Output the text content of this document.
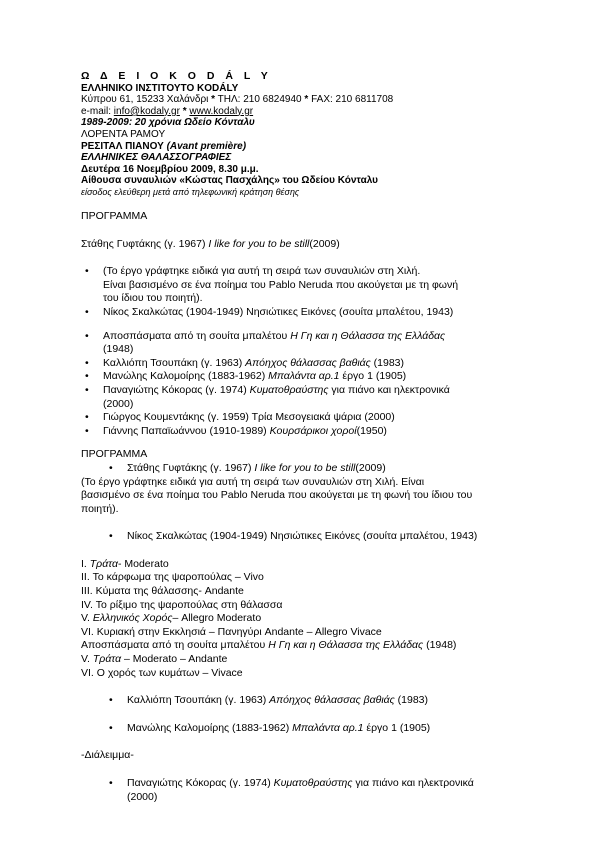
Ω Δ Ε Ι Ο K O D Á L Y
ΕΛΛΗΝΙΚΟ ΙΝΣΤΙΤΟΥΤΟ KODÁLY
Κύπρου 61, 15233 Χαλάνδρι * ΤΗΛ: 210 6824940 * FAX: 210 6811708
e-mail: info@kodaly.gr * www.kodaly.gr
1989-2009: 20 χρόνια Ωδείο Κόνταλυ
ΛΟΡΕΝΤΑ ΡΑΜΟΥ
ΡΕΣΙΤΑΛ ΠΙΑΝΟΥ (Avant première)
ΕΛΛΗΝΙΚΕΣ ΘΑΛΑΣΣΟΓΡΑΦΙΕΣ
Δευτέρα 16 Νοεμβρίου 2009, 8.30 μ.μ.
Αίθουσα συναυλιών «Κώστας Πασχάλης» του Ωδείου Κόνταλυ
είσοδος ελεύθερη μετά από τηλεφωνική κράτηση θέσης

ΠΡΟΓΡΑΜΜΑ

Στάθης Γυφτάκης (γ. 1967) I like for you to be still(2009)

• (Το έργο γράφτηκε ειδικά για αυτή τη σειρά των συναυλιών στη Χιλή.
Είναι βασισμένο σε ένα ποίημα του Pablo Neruda που ακούγεται με τη φωνή
του ίδιου του ποιητή).
• Νίκος Σκαλκώτας (1904-1949) Νησιώτικες Εικόνες (σουίτα μπαλέτου, 1943)
• Αποσπάσματα από τη σουίτα μπαλέτου Η Γη και η Θάλασσα της Ελλάδας
(1948)
• Καλλιόπη Τσουπάκη (γ. 1963) Απόηχος θάλασσας βαθιάς (1983)
• Μανώλης Καλομοίρης (1883-1962) Μπαλάντα αρ.1 έργο 1 (1905)
• Παναγιώτης Κόκορας (γ. 1974) Κυματοθραύστης για πιάνο και ηλεκτρονικά
(2000)
• Γιώργος Κουμεντάκης (γ. 1959) Τρία Μεσογειακά ψάρια (2000)
• Γιάννης Παπαϊωάννου (1910-1989) Κουρσάρικοι χοροί(1950)

ΠΡΟΓΡΑΜΜΑ

• Στάθης Γυφτάκης (γ. 1967) I like for you to be still(2009)
(Το έργο γράφτηκε ειδικά για αυτή τη σειρά των συναυλιών στη Χιλή. Είναι
βασισμένο σε ένα ποίημα του Pablo Neruda που ακούγεται με τη φωνή του ίδιου του
ποιητή).
• Νίκος Σκαλκώτας (1904-1949) Νησιώτικες Εικόνες (σουίτα μπαλέτου, 1943)
I. Τράτα- Moderato
II. Το κάρφωμα της ψαροπούλας – Vivo
III. Κύματα της θάλασσης- Andante
IV. Το ρίξιμο της ψαροπούλας στη θάλασσα
V. Ελληνικός Χορός– Allegro Moderato
VI. Κυριακή στην Εκκλησιά – Πανηγύρι Andante – Allegro Vivace
Αποσπάσματα από τη σουίτα μπαλέτου Η Γη και η Θάλασσα της Ελλάδας (1948)
V. Τράτα – Moderato – Andante
VI. Ο χορός των κυμάτων – Vivace
• Καλλιόπη Τσουπάκη (γ. 1963) Απόηχος θάλασσας βαθιάς (1983)
• Μανώλης Καλομοίρης (1883-1962) Μπαλάντα αρ.1 έργο 1 (1905)
-Διάλειμμα-
• Παναγιώτης Κόκορας (γ. 1974) Κυματοθραύστης για πιάνο και ηλεκτρονικά
(2000)
